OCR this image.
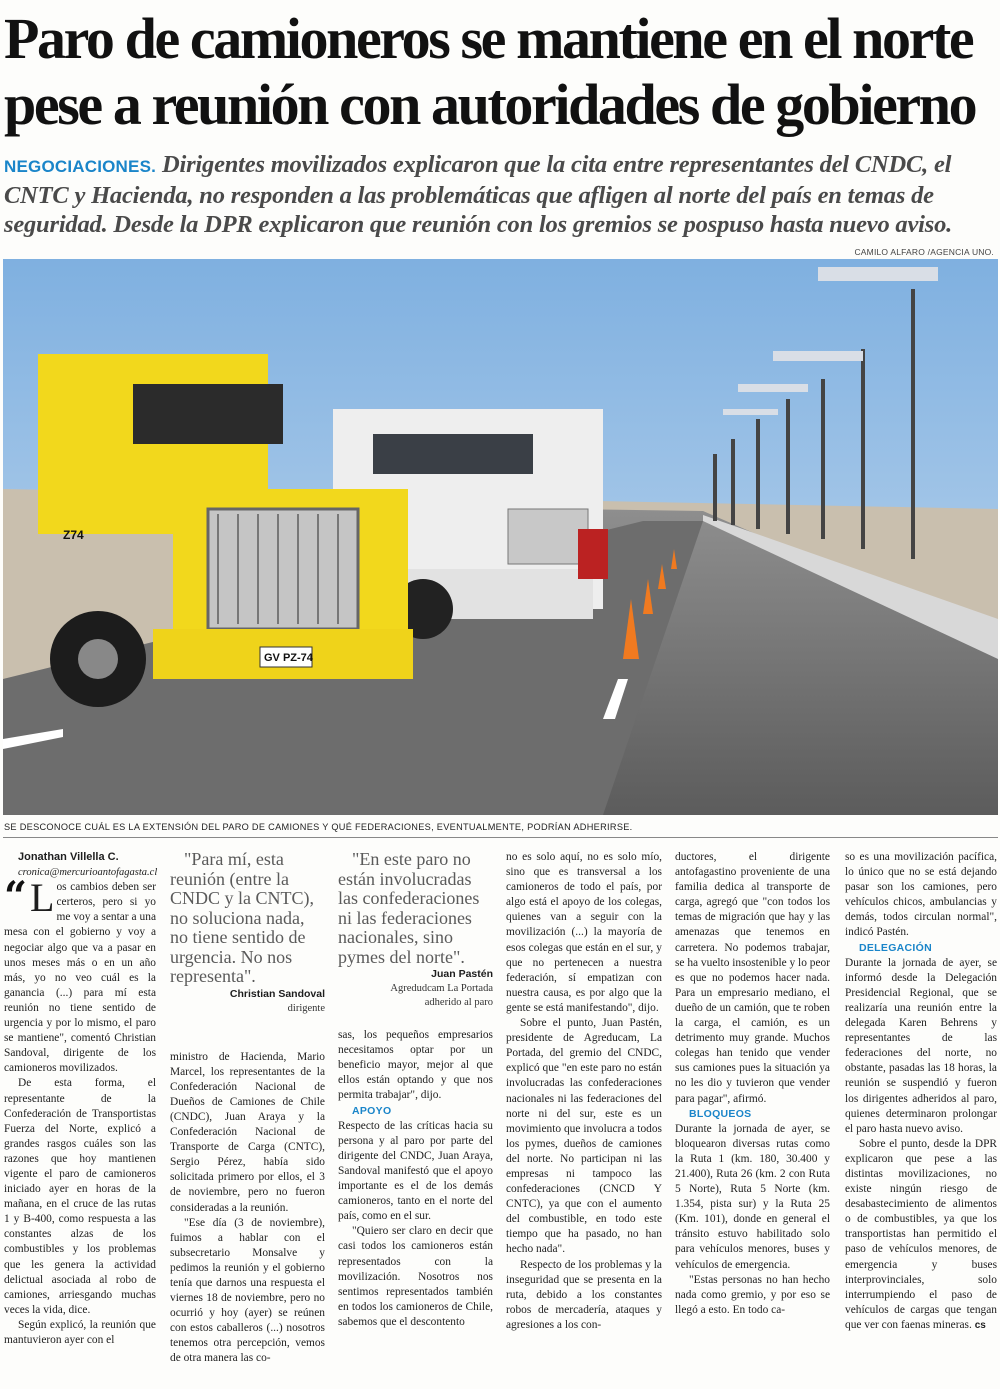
Paro de camioneros se mantiene en el norte
pese a reunión con autoridades de gobierno

NEGOCIACIONES. Dirigentes movilizados explicaron que la cita entre representantes del CNDC, el CNTC y Hacienda, no responden a las problemáticas que afligen al norte del país en temas de seguridad. Desde la DPR explicaron que reunión con los gremios se pospuso hasta nuevo aviso.

CAMILO ALFARO /AGENCIA UNO.
GV PZ-74
Z74
SE DESCONOCE CUÁL ES LA EXTENSIÓN DEL PARO DE CAMIONES Y QUÉ FEDERACIONES, EVENTUALMENTE, PODRÍAN ADHERIRSE.

Jonathan Villella C.

cronica@mercurioantofagasta.cl

“ L os cambios deben ser certeros, pero si yo me voy a sentar a una mesa con el gobierno y voy a negociar algo que va a pasar en unos meses más o en un año más, yo no veo cuál es la ganancia (...) para mí esta reunión no tiene sentido de urgencia y por lo mismo, el paro se mantiene", comentó Christian Sandoval, dirigente de los camioneros movilizados.

De esta forma, el representante de la Confederación de Transportistas Fuerza del Norte, explicó a grandes rasgos cuáles son las razones que hoy mantienen vigente el paro de camioneros iniciado ayer en horas de la mañana, en el cruce de las rutas 1 y B-400, como respuesta a las constantes alzas de los combustibles y los problemas que les genera la actividad delictual asociada al robo de camiones, arriesgando muchas veces la vida, dice.

Según explicó, la reunión que mantuvieron ayer con el

"Para mí, esta reunión (entre la CNDC y la CNTC), no soluciona nada, no tiene sentido de urgencia. No nos representa".

Christian Sandoval

dirigente

ministro de Hacienda, Mario Marcel, los representantes de la Confederación Nacional de Dueños de Camiones de Chile (CNDC), Juan Araya y la Confederación Nacional de Transporte de Carga (CNTC), Sergio Pérez, había sido solicitada primero por ellos, el 3 de noviembre, pero no fueron consideradas a la reunión.

"Ese día (3 de noviembre), fuimos a hablar con el subsecretario Monsalve y pedimos la reunión y el gobierno tenía que darnos una respuesta el viernes 18 de noviembre, pero no ocurrió y hoy (ayer) se reúnen con estos caballeros (...) nosotros tenemos otra percepción, vemos de otra manera las co-

"En este paro no están involucradas las confederaciones ni las federaciones nacionales, sino pymes del norte".

Juan Pastén

Agredudcam La Portada adherido al paro

sas, los pequeños empresarios necesitamos optar por un beneficio mayor, mejor al que ellos están optando y que nos permita trabajar", dijo.

APOYO

Respecto de las críticas hacia su persona y al paro por parte del dirigente del CNDC, Juan Araya, Sandoval manifestó que el apoyo importante es el de los demás camioneros, tanto en el norte del país, como en el sur.

"Quiero ser claro en decir que casi todos los camioneros están representados con la movilización. Nosotros nos sentimos representados también en todos los camioneros de Chile, sabemos que el descontento

no es solo aquí, no es solo mío, sino que es transversal a los camioneros de todo el país, por algo está el apoyo de los colegas, quienes van a seguir con la movilización (...) la mayoría de esos colegas que están en el sur, y que no pertenecen a nuestra federación, sí empatizan con nuestra causa, es por algo que la gente se está manifestando", dijo.

Sobre el punto, Juan Pastén, presidente de Agreducam, La Portada, del gremio del CNDC, explicó que "en este paro no están involucradas las confederaciones nacionales ni las federaciones del norte ni del sur, este es un movimiento que involucra a todos los pymes, dueños de camiones del norte. No participan ni las empresas ni tampoco las confederaciones (CNCD Y CNTC), ya que con el aumento del combustible, en todo este tiempo que ha pasado, no han hecho nada".

Respecto de los problemas y la inseguridad que se presenta en la ruta, debido a los constantes robos de mercadería, ataques y agresiones a los con-

ductores, el dirigente antofagastino proveniente de una familia dedica al transporte de carga, agregó que "con todos los temas de migración que hay y las amenazas que tenemos en carretera. No podemos trabajar, se ha vuelto insostenible y lo peor es que no podemos hacer nada. Para un empresario mediano, el dueño de un camión, que te roben la carga, el camión, es un detrimento muy grande. Muchos colegas han tenido que vender sus camiones pues la situación ya no les dio y tuvieron que vender para pagar", afirmó.

BLOQUEOS

Durante la jornada de ayer, se bloquearon diversas rutas como la Ruta 1 (km. 180, 30.400 y 21.400), Ruta 26 (km. 2 con Ruta 5 Norte), Ruta 5 Norte (km. 1.354, pista sur) y la Ruta 25 (Km. 101), donde en general el tránsito estuvo habilitado solo para vehículos menores, buses y vehículos de emergencia.

"Estas personas no han hecho nada como gremio, y por eso se llegó a esto. En todo ca-

so es una movilización pacífica, lo único que no se está dejando pasar son los camiones, pero vehículos chicos, ambulancias y demás, todos circulan normal", indicó Pastén.

DELEGACIÓN

Durante la jornada de ayer, se informó desde la Delegación Presidencial Regional, que se realizaría una reunión entre la delegada Karen Behrens y representantes de las federaciones del norte, no obstante, pasadas las 18 horas, la reunión se suspendió y fueron los dirigentes adheridos al paro, quienes determinaron prolongar el paro hasta nuevo aviso.

Sobre el punto, desde la DPR explicaron que pese a las distintas movilizaciones, no existe ningún riesgo de desabastecimiento de alimentos o de combustibles, ya que los transportistas han permitido el paso de vehículos menores, de emergencia y buses interprovinciales, solo interrumpiendo el paso de vehículos de cargas que tengan que ver con faenas mineras. cs
